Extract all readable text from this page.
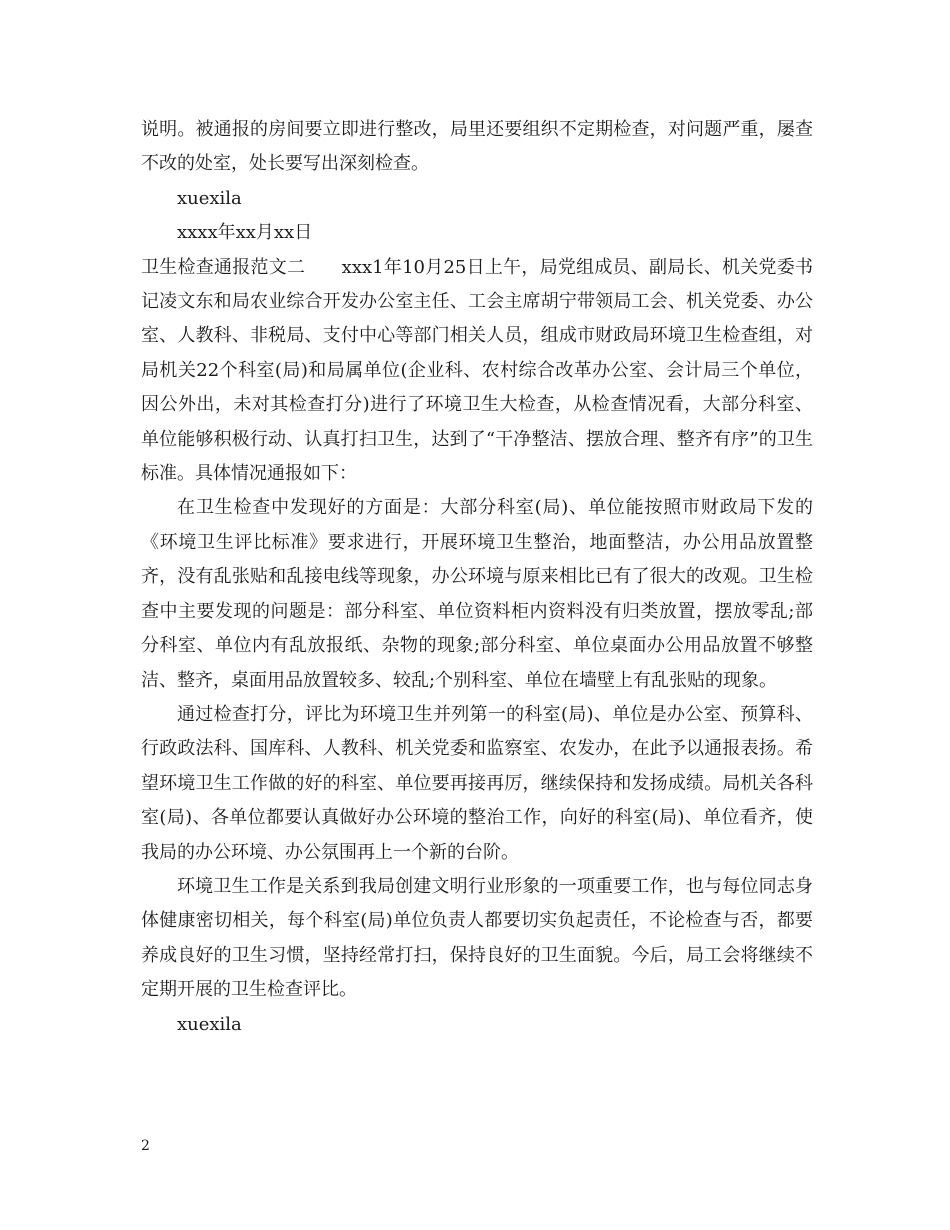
说明。被通报的房间要立即进行整改，局里还要组织不定期检查，对问题严重，屡查不改的处室，处长要写出深刻检查。

xuexila

xxxx年xx月xx日

卫生检查通报范文二　　xxx1年10月25日上午，局党组成员、副局长、机关党委书记凌文东和局农业综合开发办公室主任、工会主席胡宁带领局工会、机关党委、办公室、人教科、非税局、支付中心等部门相关人员，组成市财政局环境卫生检查组，对局机关22个科室(局)和局属单位(企业科、农村综合改革办公室、会计局三个单位，因公外出，未对其检查打分)进行了环境卫生大检查，从检查情况看，大部分科室、单位能够积极行动、认真打扫卫生，达到了“干净整洁、摆放合理、整齐有序”的卫生标准。具体情况通报如下：

在卫生检查中发现好的方面是：大部分科室(局)、单位能按照市财政局下发的《环境卫生评比标准》要求进行，开展环境卫生整治，地面整洁，办公用品放置整齐，没有乱张贴和乱接电线等现象，办公环境与原来相比已有了很大的改观。卫生检查中主要发现的问题是：部分科室、单位资料柜内资料没有归类放置，摆放零乱;部分科室、单位内有乱放报纸、杂物的现象;部分科室、单位桌面办公用品放置不够整洁、整齐，桌面用品放置较多、较乱;个别科室、单位在墙壁上有乱张贴的现象。

通过检查打分，评比为环境卫生并列第一的科室(局)、单位是办公室、预算科、行政政法科、国库科、人教科、机关党委和监察室、农发办，在此予以通报表扬。希望环境卫生工作做的好的科室、单位要再接再厉，继续保持和发扬成绩。局机关各科室(局)、各单位都要认真做好办公环境的整治工作，向好的科室(局)、单位看齐，使我局的办公环境、办公氛围再上一个新的台阶。

环境卫生工作是关系到我局创建文明行业形象的一项重要工作，也与每位同志身体健康密切相关，每个科室(局)单位负责人都要切实负起责任，不论检查与否，都要养成良好的卫生习惯，坚持经常打扫，保持良好的卫生面貌。今后，局工会将继续不定期开展的卫生检查评比。

xuexila

2
